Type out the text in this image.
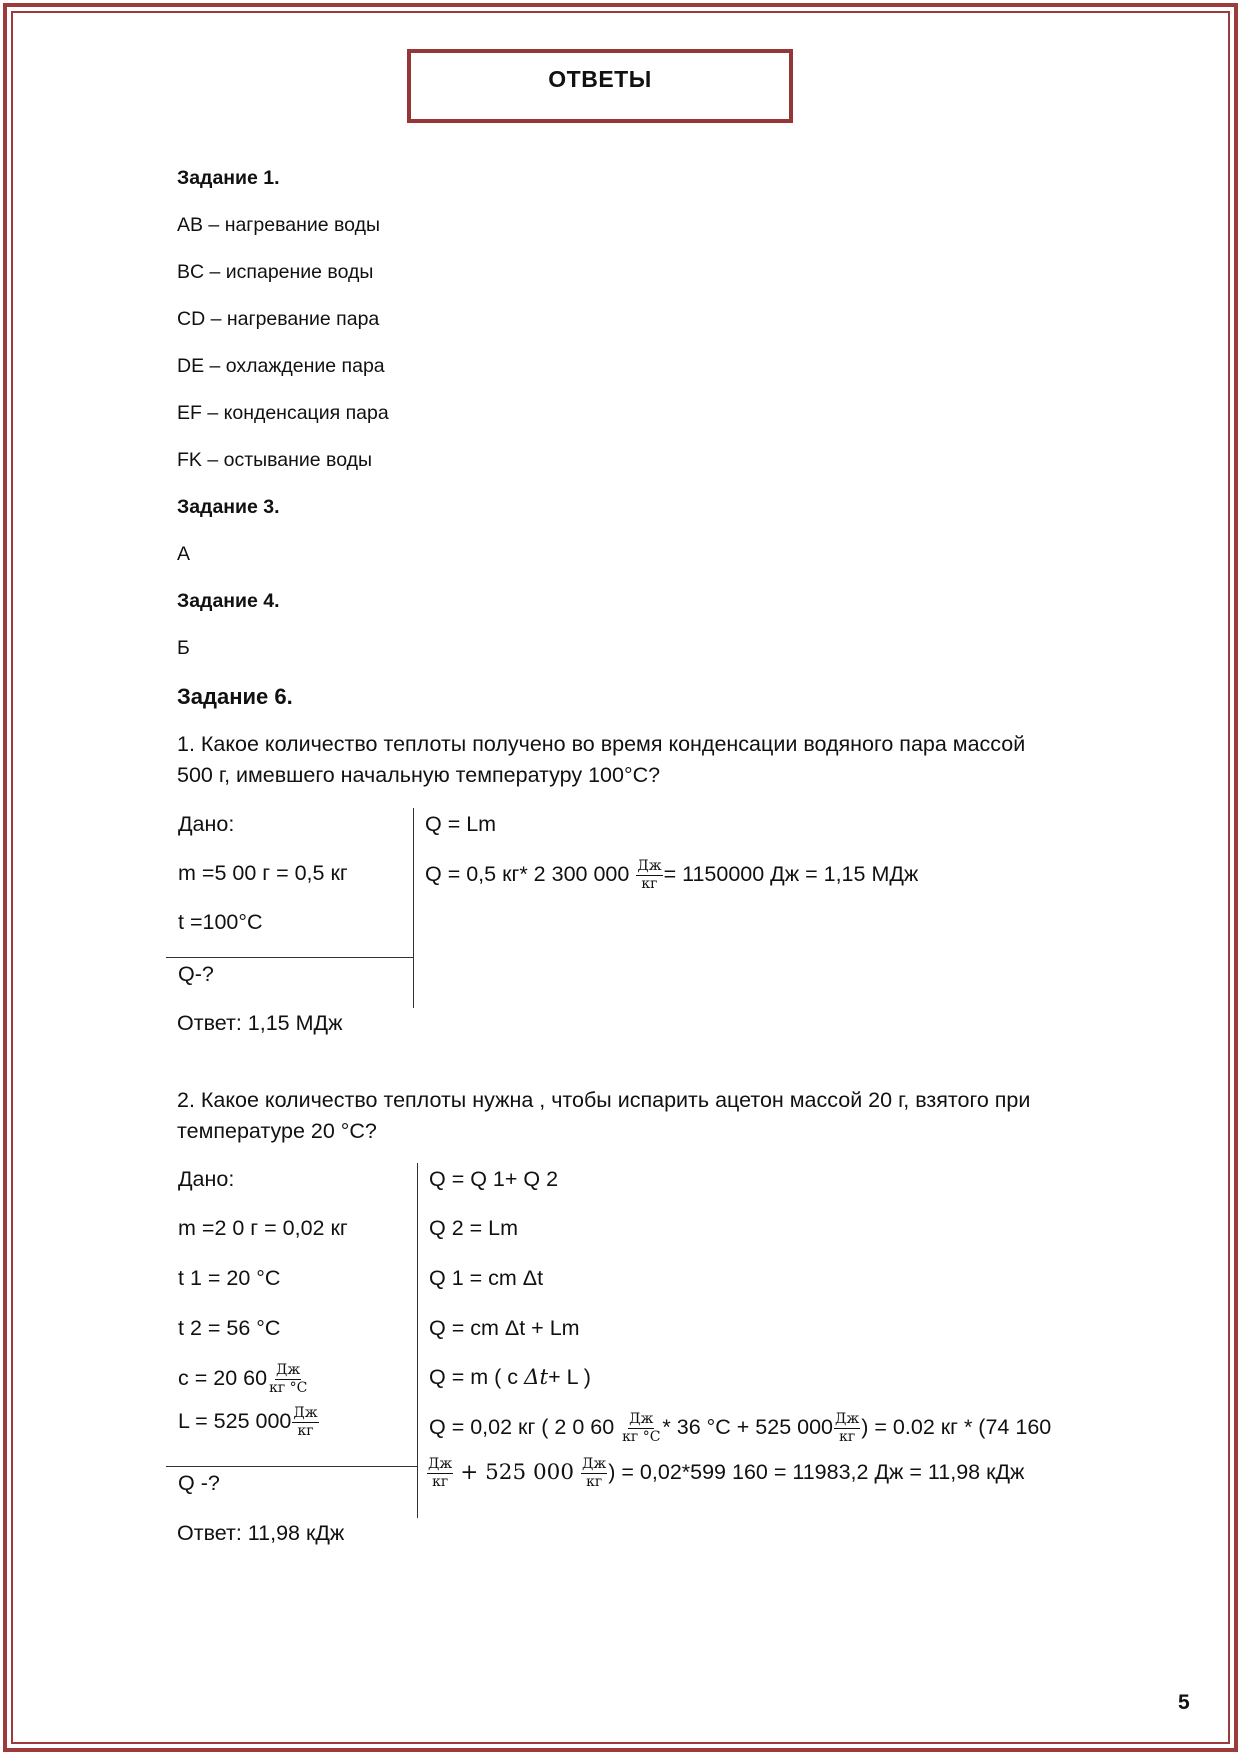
ОТВЕТЫ
Задание 1.
AB – нагревание воды
BC – испарение воды
CD – нагревание пара
DE – охлаждение пара
EF – конденсация пара
FK – остывание воды
Задание 3.
А
Задание 4.
Б
Задание 6.
1. Какое количество теплоты получено во время конденсации водяного пара массой
500 г, имевшего начальную температуру 100°С?
Дано:
m =5 00 г = 0,5 кг
t =100°С
Q-?
Q = Lm
Q = 0,5 кг* 2 300 $000 \frac{Дж}{кг} = 1150000$ Дж = 1,15 МДж
Ответ: 1,15 МДж
2. Какое количество теплоты нужна , чтобы испарить ацетон массой 20 г, взятого при
температуре 20 °С?
Дано:
m =2 0 г = 0,02 кг
t 1 = 20 °С
t 2 = 56 °С
с = 20 $60 \frac{Дж}{кг ^\circ С}$
L = 525 $000 \frac{Дж}{кг}$
Q -?
Q = Q 1+ Q 2
Q 2 = Lm
Q 1 = cm Δt
Q = cm Δt + Lm
Q = m ( c Δt+ L )
Q = 0,02 кг ( 2 0 $60 \frac{Дж}{кг ^\circ С} * 36$ °С + 525 $000 \frac{Дж}{кг}$ ) = 0.02 кг * (74 160
$\frac{Дж}{кг} + 525$ $000 \frac{Дж}{кг}$ ) = 0,02*599 160 = 11983,2 Дж = 11,98 кДж
Ответ: 11,98 кДж
5
